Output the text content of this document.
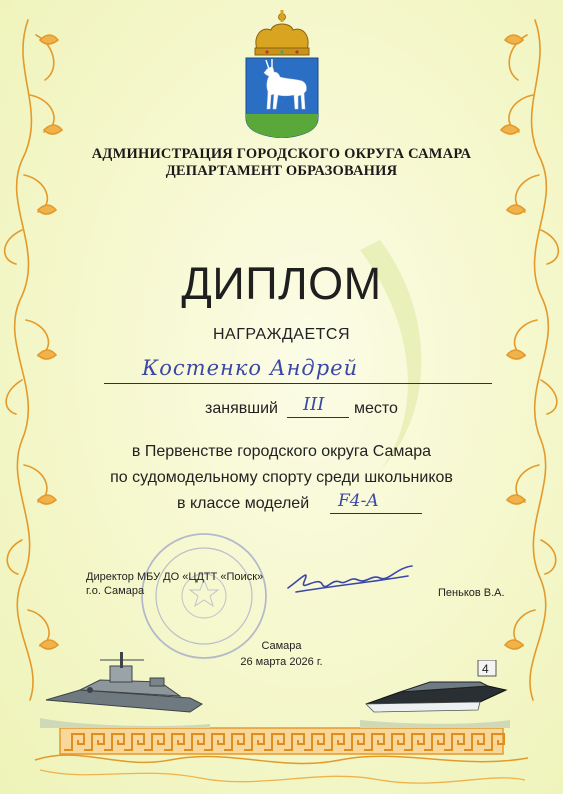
АДМИНИСТРАЦИЯ ГОРОДСКОГО ОКРУГА САМАРА
ДЕПАРТАМЕНТ ОБРАЗОВАНИЯ
ДИПЛОМ
НАГРАЖДАЕТСЯ
Костенко Андрей
занявший III место
в Первенстве городского округа Самара
по судомодельному спорту среди школьников
в классе моделей F4-A
Директор МБУ ДО «ЦДТТ «Поиск»
г.о. Самара	Пеньков В.А.
Самара
26 марта 2026 г.	4
